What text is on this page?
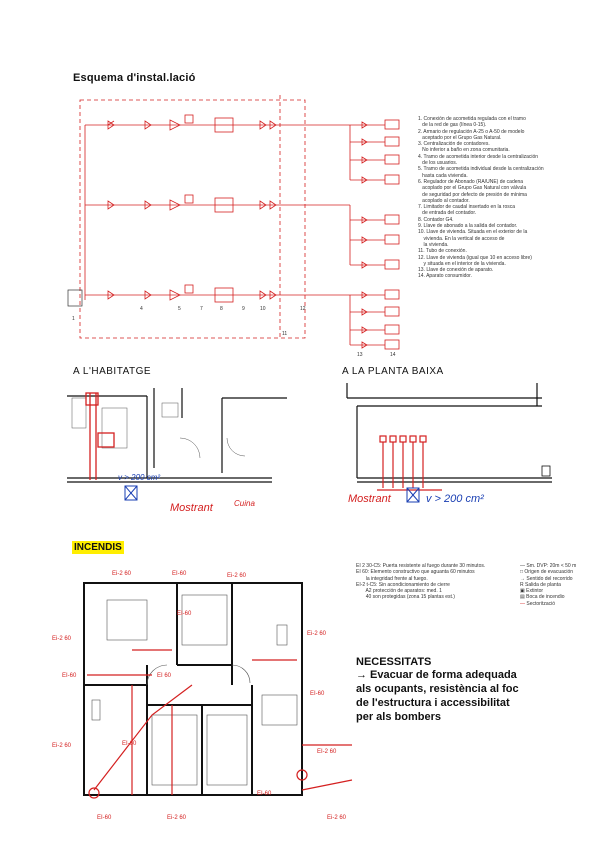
Esquema d'instal.lació
1
4	5	7	8	9	10
11
12
13	14
1. Conexión de acometida regulada con el tramo
de la red de gas (línea 0-15).
2. Armario de regulación A-25 o A-50 de modelo
aceptado por el Grupo Gas Natural.
3. Centralización de contadores.
No inferior a baño en zona comunitaria.
4. Tramo de acometida interior desde la centralización
de los usuarios.
5. Tramo de acometida individual desde la centralización
hasta cada vivienda.
6. Regulador de Abonado (RA/UNE) de cadena
acoplado por el Grupo Gas Natural con válvula
de seguridad por defecto de presión de mínima
acoplado al contador.
7. Limitador de caudal insertado en la rosca
de entrada del contador.
8. Contador G4.
9. Llave de abonado a la salida del contador.
10. Llave de vivienda. Situada en el exterior de la
vivienda. En la vertical de acceso de
la vivienda.
11. Tubo de conexión.
12. Llave de vivienda (igual que 10 en acceso libre)
y situada en el interior de la vivienda.
13. Llave de conexión de aparato.
14. Aparato consumidor.
A L'HABITATGE	A LA PLANTA BAIXA
v > 200 cm²
Mostrant	Cuina	v > 200 cm²
Mostrant
INCENDIS
Ei-2 60	EI-60	Ei-2 60
Ei-2 60
EI-60
Ei-2 60
EI-60	EI 60
EI-60
EI-2 60
Ei-2 60	EI-60
EI-60	Ei-2 60	Ei-2 60
EI-60
EI 2 30-C5: Puerta resistente al fuego durante 30 minutos.
EI 60: Elemento constructivo que aguanta 60 minutos
la integridad frente al fuego.
EI-2 t-C5: Sin acondicionamiento de cierre
A2 protección de aparatos: med. 1
40 son protegidas (zona 15 plantas est.)
— Sm. DVP: 20m < 50 m
□ Origen de evacuación
→ Sentido del recorrido
R Salida de planta
▣ Extintor
▤ Boca de incendio
— Sectorització
NECESSITATS
→ Evacuar de forma adequada
als ocupants, resistència al foc
de l'estructura i accessibilitat
per als bombers
